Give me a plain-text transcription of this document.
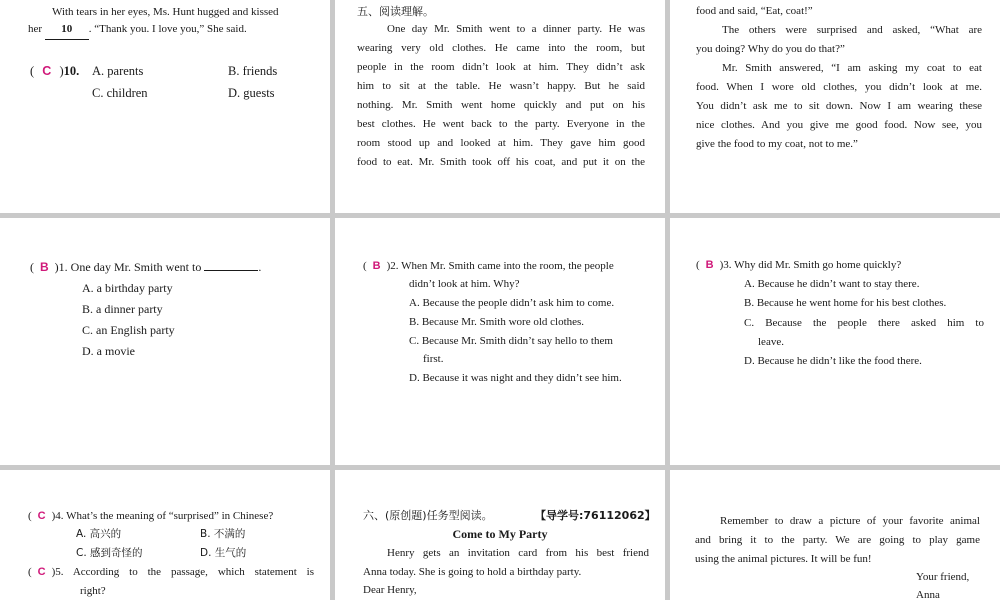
With tears in her eyes, Ms. Hunt hugged and kissed
her 10 . “Thank you. I love you,” She said.
( C )10. A. parents	B. friends
C. children	D. guests
五、阅读理解。
One day Mr. Smith went to a dinner party. He was
wearing very old clothes. He came into the room, but
people in the room didn’t look at him. They didn’t ask
him to sit at the table. He wasn’t happy. But he said
nothing. Mr. Smith went home quickly and put on his
best clothes. He went back to the party. Everyone in the
room stood up and looked at him. They gave him good
food to eat. Mr. Smith took off his coat, and put it on the
food and said, “Eat, coat!”
The others were surprised and asked, “What are
you doing? Why do you do that?”
Mr. Smith answered, “I am asking my coat to eat
food. When I wore old clothes, you didn’t look at me.
You didn’t ask me to sit down. Now I am wearing these
nice clothes. And you give me good food. Now see, you
give the food to my coat, not to me.”
( B )1. One day Mr. Smith went to	.
A. a birthday party
B. a dinner party
C. an English party
D. a movie
( B )2. When Mr. Smith came into the room, the people
didn’t look at him. Why?
A. Because the people didn’t ask him to come.
B. Because Mr. Smith wore old clothes.
C. Because Mr. Smith didn’t say hello to them
first.
D. Because it was night and they didn’t see him.
( B )3. Why did Mr. Smith go home quickly?
A. Because he didn’t want to stay there.
B. Because he went home for his best clothes.
C. Because the people there asked him to
leave.
D. Because he didn’t like the food there.
( C )4. What’s the meaning of “surprised” in Chinese?
A. 高兴的	B. 不满的
C. 感到奇怪的	D. 生气的
( C ) 5. According to the passage, which statement is
right?
六、(原创题)任务型阅读。	【导学号:76112062】
Come to My Party
Henry gets an invitation card from his best friend
Anna today. She is going to hold a birthday party.
Dear Henry,
Remember to draw a picture of your favorite animal
and bring it to the party. We are going to play game
using the animal pictures. It will be fun!
Your friend,
Anna
